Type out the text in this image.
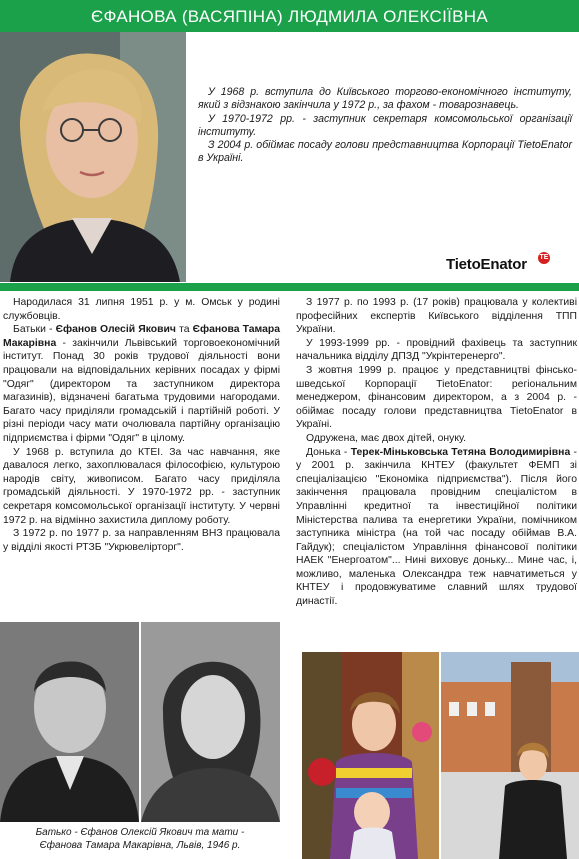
ЄФАНОВА (ВАСЯПІНА) ЛЮДМИЛА ОЛЕКСІЇВНА

У 1968 р. вступила до Київського торгово-економічного інституту, який з відзнакою закінчила у 1972 р., за фахом - товарознавець.

У 1970-1972 рр. - заступник секретаря комсомольської організації інституту.

З 2004 р. обіймає посаду голови представництва Корпорації TietoEnator в Україні.

TietoEnator TE

Народилася 31 липня 1951 р. у м. Омськ у родині службовців.

Батьки - Єфанов Олесій Якович та Єфанова Тамара Макарівна - закінчили Львівський торговоекономічний інститут. Понад 30 років трудової діяльності вони працювали на відповідальних керівних посадах у фірмі "Одяг" (директором та заступником директора магазинів), відзначені багатьма трудовими нагородами. Багато часу приділяли громадській і партійній роботі. У різні періоди часу мати очолювала партійну організацію підприємства і фірми "Одяг" в цілому.

У 1968 р. вступила до КТЕІ. За час навчання, яке давалося легко, захоплювалася філософією, культурою народів світу, живописом. Багато часу приділяла громадській діяльності. У 1970-1972 рр. - заступник секретаря комсомольської організації інституту. У червні 1972 р. на відмінно захистила диплому роботу.

З 1972 р. по 1977 р. за направленням ВНЗ працювала у відділі якості РТЗБ "Укрювелірторг".

З 1977 р. по 1993 р. (17 років) працювала у колективі професійних експертів Київського відділення ТПП України.

У 1993-1999 рр. - провідний фахівець та заступник начальника відділу ДПЗД "Укрінтеренерго".

З жовтня 1999 р. працює у представництві фінсько-шведської Корпорації TietoEnator: регіональним менеджером, фінансовим директором, а з 2004 р. - обіймає посаду голови представництва TietoEnator в Україні.

Одружена, має двох дітей, онуку.

Донька - Терек-Міньковська Тетяна Володимирівна - у 2001 р. закінчила КНТЕУ (факультет ФЕМП зі спеціалізацією "Економіка підприємства"). Після його закінчення працювала провідним спеціалістом в Управлінні кредитної та інвестиційної політики Міністерства палива та енергетики України, помічником заступника міністра (на той час посаду обіймав В.А. Гайдук); спеціалістом Управління фінансової політики НАЕК "Енергоатом"... Нині виховує доньку... Мине час, і, можливо, маленька Олександра теж навчатиметься у КНТЕУ і продовжуватиме славний шлях трудової династії.

Батько - Єфанов Олексій Якович та мати -
Єфанова Тамара Макарівна, Львів, 1946 р.
